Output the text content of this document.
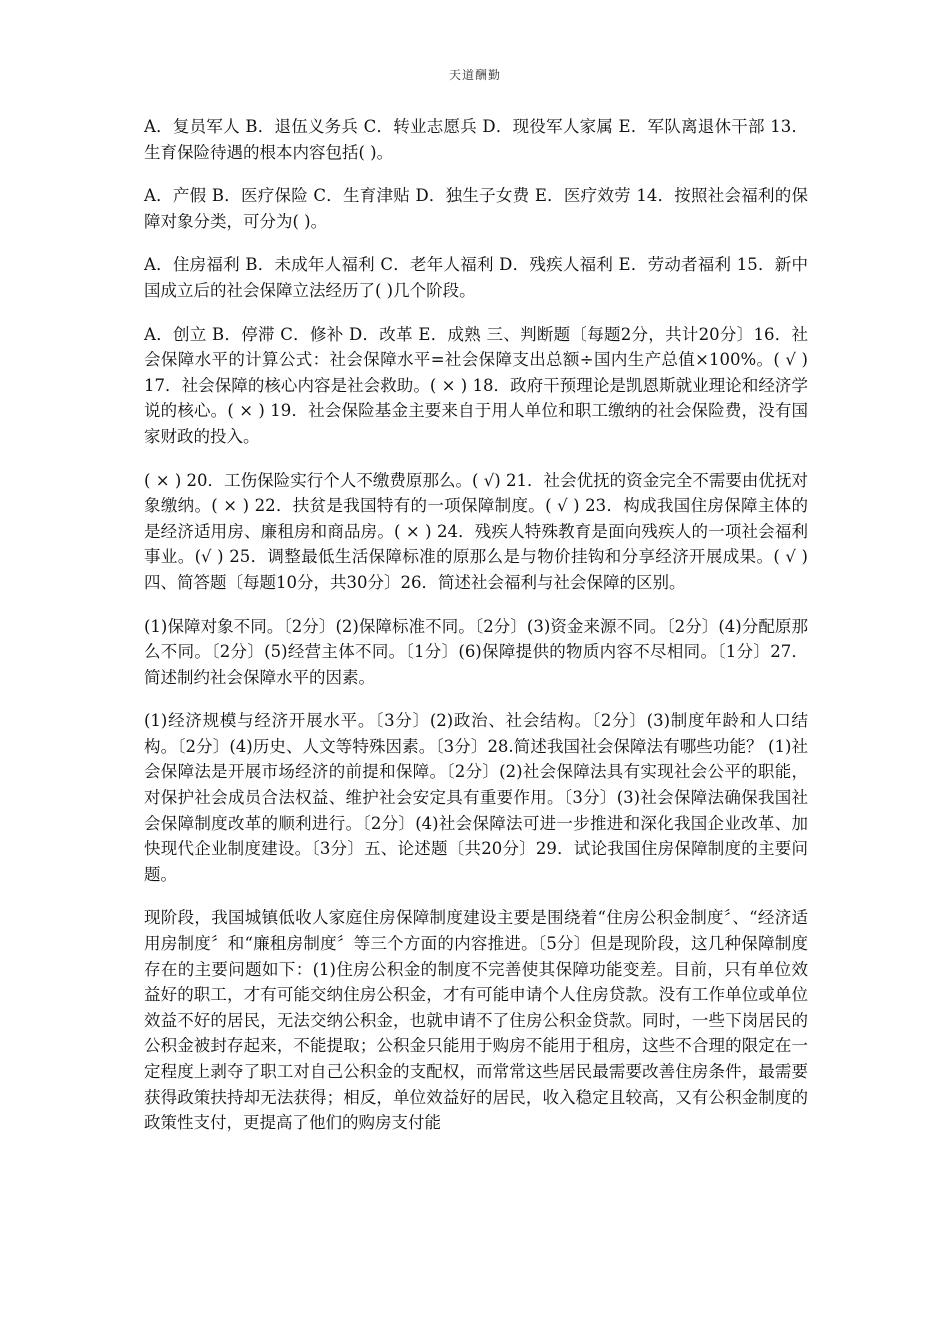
天道酬勤

A．复员军人 B．退伍义务兵 C．转业志愿兵 D．现役军人家属 E．军队离退休干部 13．生育保险待遇的根本内容包括( )。

A．产假 B．医疗保险 C．生育津贴 D．独生子女费 E．医疗效劳 14．按照社会福利的保障对象分类，可分为( )。

A．住房福利 B．未成年人福利 C．老年人福利 D．残疾人福利 E．劳动者福利 15．新中国成立后的社会保障立法经历了( )几个阶段。

A．创立 B．停滞 C．修补 D．改革 E．成熟 三、判断题〔每题2分，共计20分〕16．社会保障水平的计算公式：社会保障水平=社会保障支出总额÷国内生产总值×100%。( √ ) 17．社会保障的核心内容是社会救助。( × ) 18．政府干预理论是凯恩斯就业理论和经济学说的核心。( × ) 19．社会保险基金主要来自于用人单位和职工缴纳的社会保险费，没有国家财政的投入。

( × ) 20．工伤保险实行个人不缴费原那么。( √) 21．社会优抚的资金完全不需要由优抚对象缴纳。( × ) 22．扶贫是我国特有的一项保障制度。( √ ) 23．构成我国住房保障主体的是经济适用房、廉租房和商品房。( × ) 24．残疾人特殊教育是面向残疾人的一项社会福利事业。(√ ) 25．调整最低生活保障标准的原那么是与物价挂钩和分享经济开展成果。( √ ) 四、简答题〔每题10分，共30分〕26．简述社会福利与社会保障的区别。

(1)保障对象不同。〔2分〕(2)保障标准不同。〔2分〕(3)资金来源不同。〔2分〕(4)分配原那么不同。〔2分〕(5)经营主体不同。〔1分〕(6)保障提供的物质内容不尽相同。〔1分〕27．简述制约社会保障水平的因素。

(1)经济规模与经济开展水平。〔3分〕(2)政治、社会结构。〔2分〕(3)制度年龄和人口结构。〔2分〕(4)历史、人文等特殊因素。〔3分〕28.简述我国社会保障法有哪些功能？ (1)社会保障法是开展市场经济的前提和保障。〔2分〕(2)社会保障法具有实现社会公平的职能，对保护社会成员合法权益、维护社会安定具有重要作用。〔3分〕(3)社会保障法确保我国社会保障制度改革的顺利进行。〔2分〕(4)社会保障法可进一步推进和深化我国企业改革、加快现代企业制度建设。〔3分〕五、论述题〔共20分〕29．试论我国住房保障制度的主要问题。

现阶段，我国城镇低收人家庭住房保障制度建设主要是围绕着“住房公积金制度〞、“经济适用房制度〞和“廉租房制度〞等三个方面的内容推进。〔5分〕但是现阶段，这几种保障制度存在的主要问题如下：(1)住房公积金的制度不完善使其保障功能变差。目前，只有单位效益好的职工，才有可能交纳住房公积金，才有可能申请个人住房贷款。没有工作单位或单位效益不好的居民，无法交纳公积金，也就申请不了住房公积金贷款。同时，一些下岗居民的公积金被封存起来，不能提取；公积金只能用于购房不能用于租房，这些不合理的限定在一定程度上剥夺了职工对自己公积金的支配权，而常常这些居民最需要改善住房条件，最需要获得政策扶持却无法获得；相反，单位效益好的居民，收入稳定且较高，又有公积金制度的政策性支付，更提高了他们的购房支付能
